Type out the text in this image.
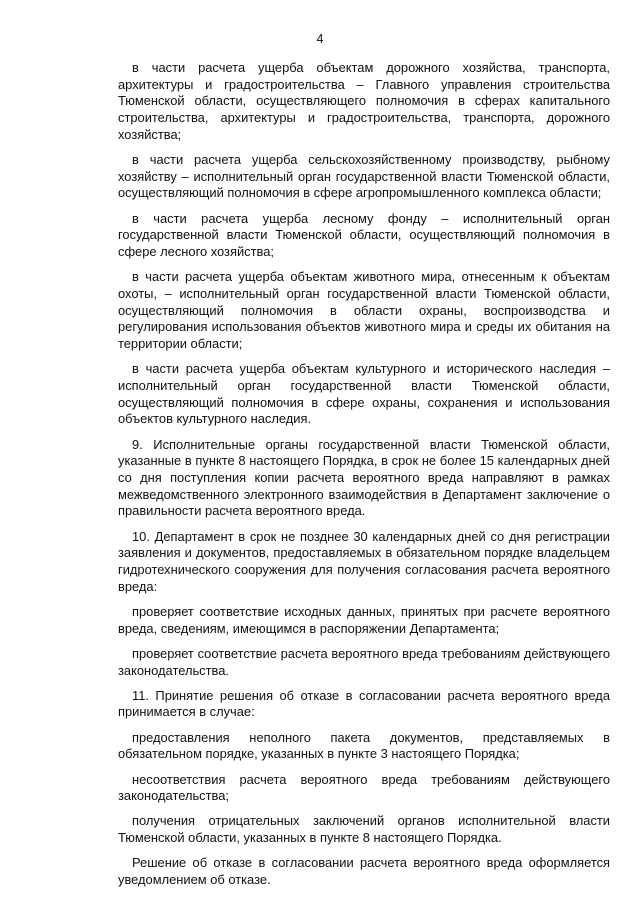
4

в части расчета ущерба объектам дорожного хозяйства, транспорта, архитектуры и градостроительства – Главного управления строительства Тюменской области, осуществляющего полномочия в сферах капитального строительства, архитектуры и градостроительства, транспорта, дорожного хозяйства;

в части расчета ущерба сельскохозяйственному производству, рыбному хозяйству – исполнительный орган государственной власти Тюменской области, осуществляющий полномочия в сфере агропромышленного комплекса области;

в части расчета ущерба лесному фонду – исполнительный орган государственной власти Тюменской области, осуществляющий полномочия в сфере лесного хозяйства;

в части расчета ущерба объектам животного мира, отнесенным к объектам охоты, – исполнительный орган государственной власти Тюменской области, осуществляющий полномочия в области охраны, воспроизводства и регулирования использования объектов животного мира и среды их обитания на территории области;

в части расчета ущерба объектам культурного и исторического наследия – исполнительный орган государственной власти Тюменской области, осуществляющий полномочия в сфере охраны, сохранения и использования объектов культурного наследия.

9. Исполнительные органы государственной власти Тюменской области, указанные в пункте 8 настоящего Порядка, в срок не более 15 календарных дней со дня поступления копии расчета вероятного вреда направляют в рамках межведомственного электронного взаимодействия в Департамент заключение о правильности расчета вероятного вреда.

10. Департамент в срок не позднее 30 календарных дней со дня регистрации заявления и документов, предоставляемых в обязательном порядке владельцем гидротехнического сооружения для получения согласования расчета вероятного вреда:

проверяет соответствие исходных данных, принятых при расчете вероятного вреда, сведениям, имеющимся в распоряжении Департамента;

проверяет соответствие расчета вероятного вреда требованиям действующего законодательства.

11. Принятие решения об отказе в согласовании расчета вероятного вреда принимается в случае:

предоставления неполного пакета документов, представляемых в обязательном порядке, указанных в пункте 3 настоящего Порядка;

несоответствия расчета вероятного вреда требованиям действующего законодательства;

получения отрицательных заключений органов исполнительной власти Тюменской области, указанных в пункте 8 настоящего Порядка.

Решение об отказе в согласовании расчета вероятного вреда оформляется уведомлением об отказе.
